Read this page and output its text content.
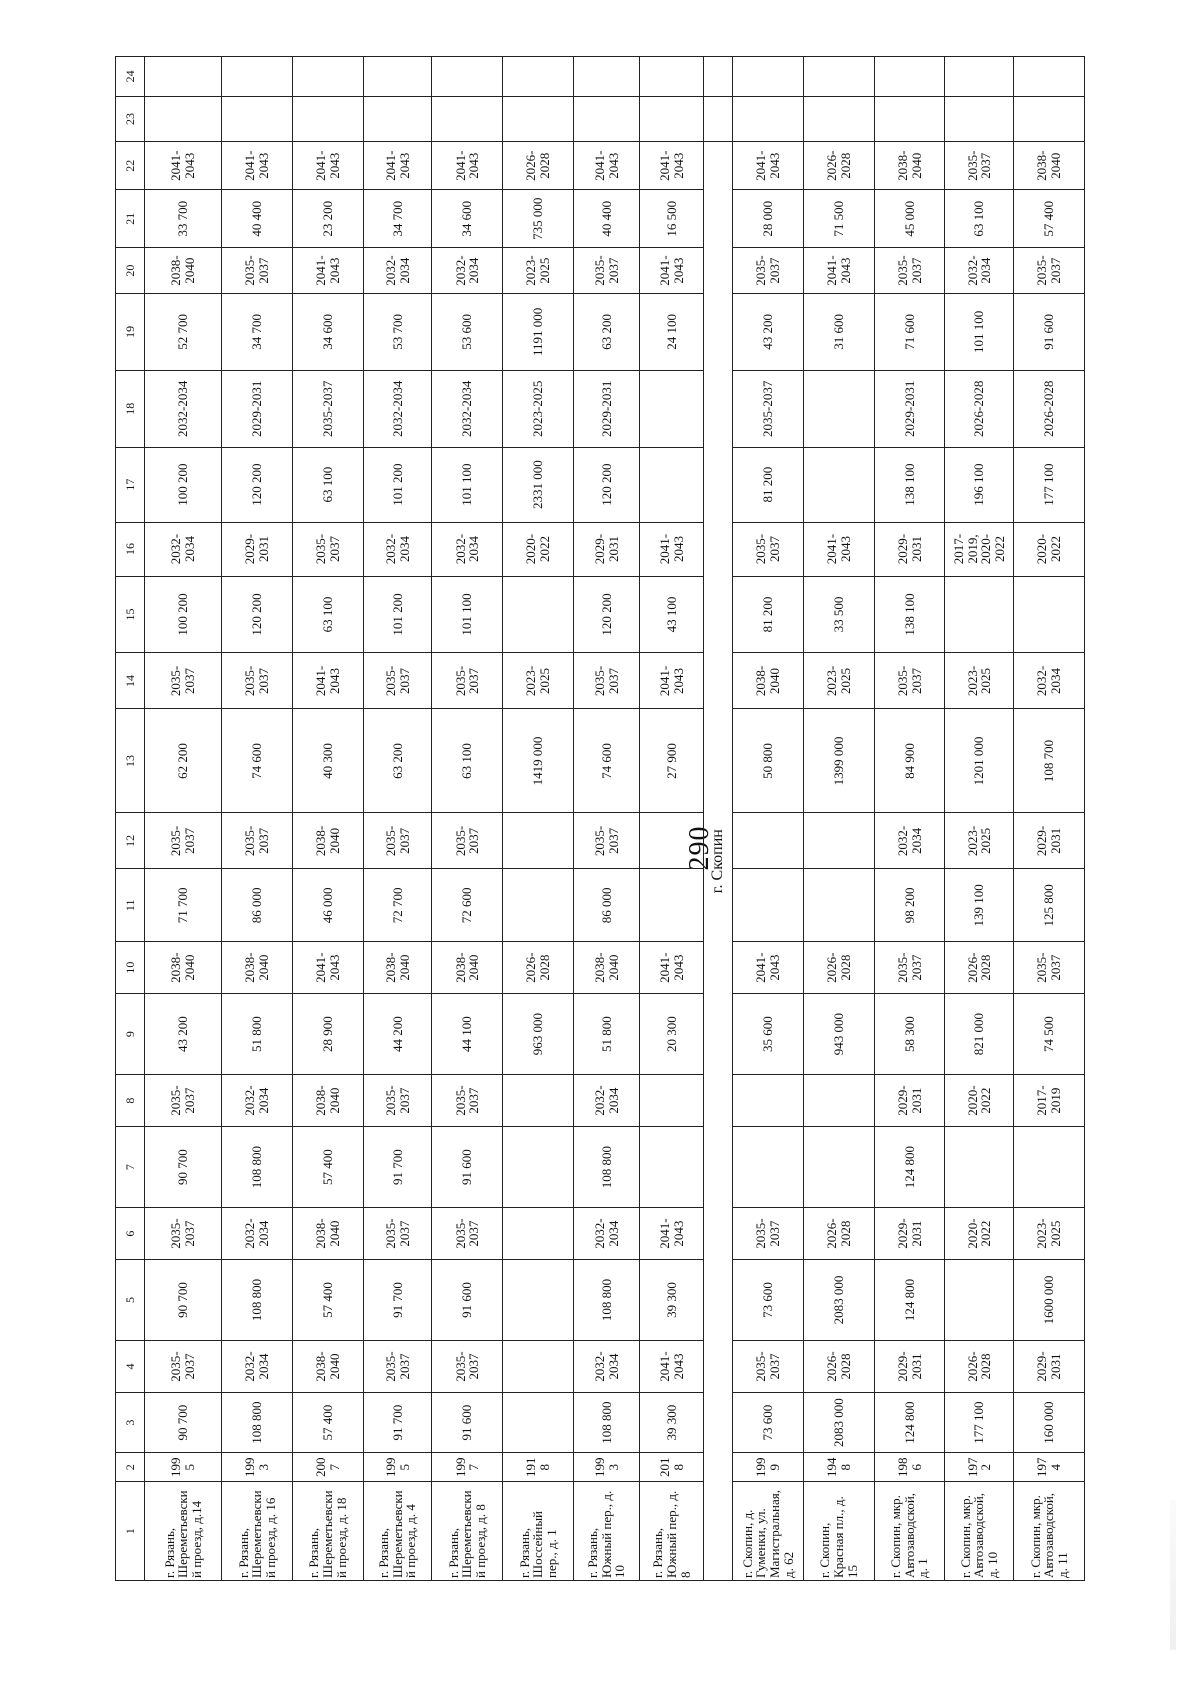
290
1	2	3	4	5	6	7	8	9	10	11	12	13	14	15	16	17	18	19	20	21	22	23	24
г. Рязань, Шереметьевский проезд, д.14	1995	90 700	2035-2037	90 700	2035-2037	90 700	2035-2037	43 200	2038-2040	71 700	2035-2037	62 200	2035-2037	100 200	2032-2034	100 200	2032-2034	52 700	2038-2040	33 700	2041-2043		
г. Рязань, Шереметьевский проезд, д. 16	1993	108 800	2032-2034	108 800	2032-2034	108 800	2032-2034	51 800	2038-2040	86 000	2035-2037	74 600	2035-2037	120 200	2029-2031	120 200	2029-2031	34 700	2035-2037	40 400	2041-2043		
г. Рязань, Шереметьевский проезд, д. 18	2007	57 400	2038-2040	57 400	2038-2040	57 400	2038-2040	28 900	2041-2043	46 000	2038-2040	40 300	2041-2043	63 100	2035-2037	63 100	2035-2037	34 600	2041-2043	23 200	2041-2043		
г. Рязань, Шереметьевский проезд, д. 4	1995	91 700	2035-2037	91 700	2035-2037	91 700	2035-2037	44 200	2038-2040	72 700	2035-2037	63 200	2035-2037	101 200	2032-2034	101 200	2032-2034	53 700	2032-2034	34 700	2041-2043		
г. Рязань, Шереметьевский проезд, д. 8	1997	91 600	2035-2037	91 600	2035-2037	91 600	2035-2037	44 100	2038-2040	72 600	2035-2037	63 100	2035-2037	101 100	2032-2034	101 100	2032-2034	53 600	2032-2034	34 600	2041-2043		
г. Рязань, Шоссейный пер., д. 1	1918							963 000	2026-2028			1419 000	2023-2025		2020-2022	2331 000	2023-2025	1191 000	2023-2025	735 000	2026-2028		
г. Рязань, Южный пер., д. 10	1993	108 800	2032-2034	108 800	2032-2034	108 800	2032-2034	51 800	2038-2040	86 000	2035-2037	74 600	2035-2037	120 200	2029-2031	120 200	2029-2031	63 200	2035-2037	40 400	2041-2043		
г. Рязань, Южный пер., д. 8	2018	39 300	2041-2043	39 300	2041-2043			20 300	2041-2043			27 900	2041-2043	43 100	2041-2043			24 100	2041-2043	16 500	2041-2043		
г. Скопин																							
г. Скопин, д. Гуменки, ул. Магистральная, д. 62	1999	73 600	2035-2037	73 600	2035-2037			35 600	2041-2043			50 800	2038-2040	81 200	2035-2037	81 200	2035-2037	43 200	2035-2037	28 000	2041-2043		
г. Скопин, Красная пл., д. 15	1948	2083 000	2026-2028	2083 000	2026-2028			943 000	2026-2028			1399 000	2023-2025	33 500	2041-2043			31 600	2041-2043	71 500	2026-2028		
г. Скопин, мкр. Автозаводской, д. 1	1986	124 800	2029-2031	124 800	2029-2031	124 800	2029-2031	58 300	2035-2037	98 200	2032-2034	84 900	2035-2037	138 100	2029-2031	138 100	2029-2031	71 600	2035-2037	45 000	2038-2040		
г. Скопин, мкр. Автозаводской, д. 10	1972	177 100	2026-2028		2020-2022		2020-2022	821 000	2026-2028	139 100	2023-2025	1201 000	2023-2025		2017-2019, 2020-2022	196 100	2026-2028	101 100	2032-2034	63 100	2035-2037		
г. Скопин, мкр. Автозаводской, д. 11	1974	160 000	2029-2031	1600 000	2023-2025		2017-2019	74 500	2035-2037	125 800	2029-2031	108 700	2032-2034		2020-2022	177 100	2026-2028	91 600	2035-2037	57 400	2038-2040		
